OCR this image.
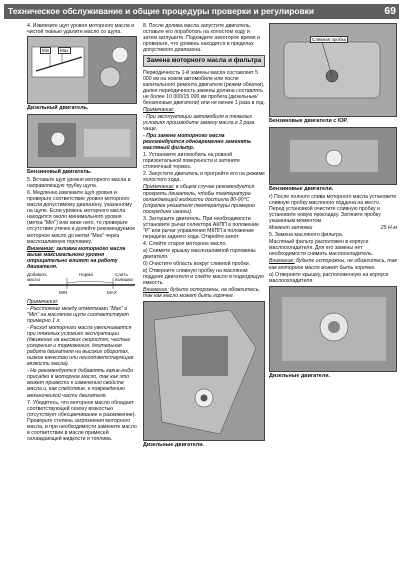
Техническое обслуживание и общие процедуры проверки и регулировки	69

4. Извлеките щуп уровня моторного масла и чистой тканью удалите масло со щупа.

Max
Min
Дизельный двигатель.
Бензиновый двигатель.

5. Вставьте щуп уровня моторного масла в направляющую трубку щупа.

6. Медленно извлеките щуп уровня и проверьте соответствие уровня моторного масла допустимому диапазону, указанному на щупе. Если уровень моторного масла находится около минимального уровня (метка "Min") или ниже него, то проверьте отсутствие утечек и долейте рекомендуемое моторное масло до метки "Max" через маслозаливную горловину.

Внимание: заливка моторного масла выше максимального уровня отрицательно влияет на работу двигателя.

Добавить масло
Норма	Слить излишки
MIN	MAX

Примечания:

- Расстояние между отметками "Max" и "Min" на масляном щупе соответствует примерно 1 л.

- Расход моторного масла увеличивается при тяжелых условиях эксплуатации (движение на высоких скоростях, частые ускорения и торможения, длительная работа двигателя на высоких оборотах, низкое качество или несоответствующая вязкость масла).

- Не рекомендуется добавлять какие-либо присадки в моторное масло, так как это может привести к изменению свойств масла и, как следствие, к повреждению механической части двигателя.

7. Убедитесь, что моторное масло обладает соответствующей сезону вязкостью (отсутствует обесцвечивание и разжижение). Проверьте степень загрязнения моторного масла, и при необходимости замените масло в соответствии в масле примесей охлаждающей жидкости и топлива.

8. После долива масла запустите двигатель, оставьте его поработать на холостом ходу и затем заглушите. Подождите некоторое время и проверьте, что уровень находится в пределах допустимого диапазона.

Замена моторного масла и фильтра

Периодичность 1-й замены масла составляет 5 000 км на новом автомобиле или после капитального ремонта двигателя (режим обкатки), далее периодичность замены должна составлять не более 10 000/15 000 км пробега (дизельные/бензиновые двигатели) или не менее 1 раза в год.

Примечание:

- При эксплуатации автомобиля в тяжелых условиях производите замену масла в 2 раза чаще.

- При замене моторного масла рекомендуется одновременно заменять масляный фильтр.

1. Установите автомобиль на ровной горизонтальной поверхности и затяните стояночный тормоз.

2. Запустите двигатель и прогрейте его на режиме холостого хода.

Примечание: в общем случае рекомендуется прогреть двигатель, чтобы температура охлаждающей жидкости достигла 80-90°С (стрелка указателя температуры примерно посередине шкалы).

3. Заглушите двигатель. При необходимости установите рычаг селектора АКПП в положение "P" или рычаг управления МКПП в положение передачи заднего хода. Откройте капот.

4. Слейте старое моторное масло.

а) Снимите крышку маслозаливной горловины двигателя.

б) Очистите область вокруг сливной пробки.

в) Отверните сливную пробку на масляном поддоне двигателя и слейте масло в подходящую емкость.

Внимание: будьте осторожны, не обожгитесь, так как масло может быть горячее.

Дизельные двигатели.
Сливная пробка
Бензиновые двигатели с IOP.
Бензиновые двигатели.

г) После полного слива моторного масла установите сливную пробку масляного поддона на место. Перед установкой очистите сливную пробку и установите новую прокладку. Затяните пробку указанным моментом.

Момент затяжки	25 Н·м

5. Замена масляного фильтра.

Масляный фильтр расположен в корпусе маслоохладителя. Для его замены нет необходимости снимать маслоохладитель.

Внимание: будьте осторожны, не обожгитесь, так как моторное масло может быть горячее.

а) Отверните крышку, расположенную на корпусе маслоохладителя.

Дизельные двигатели.
